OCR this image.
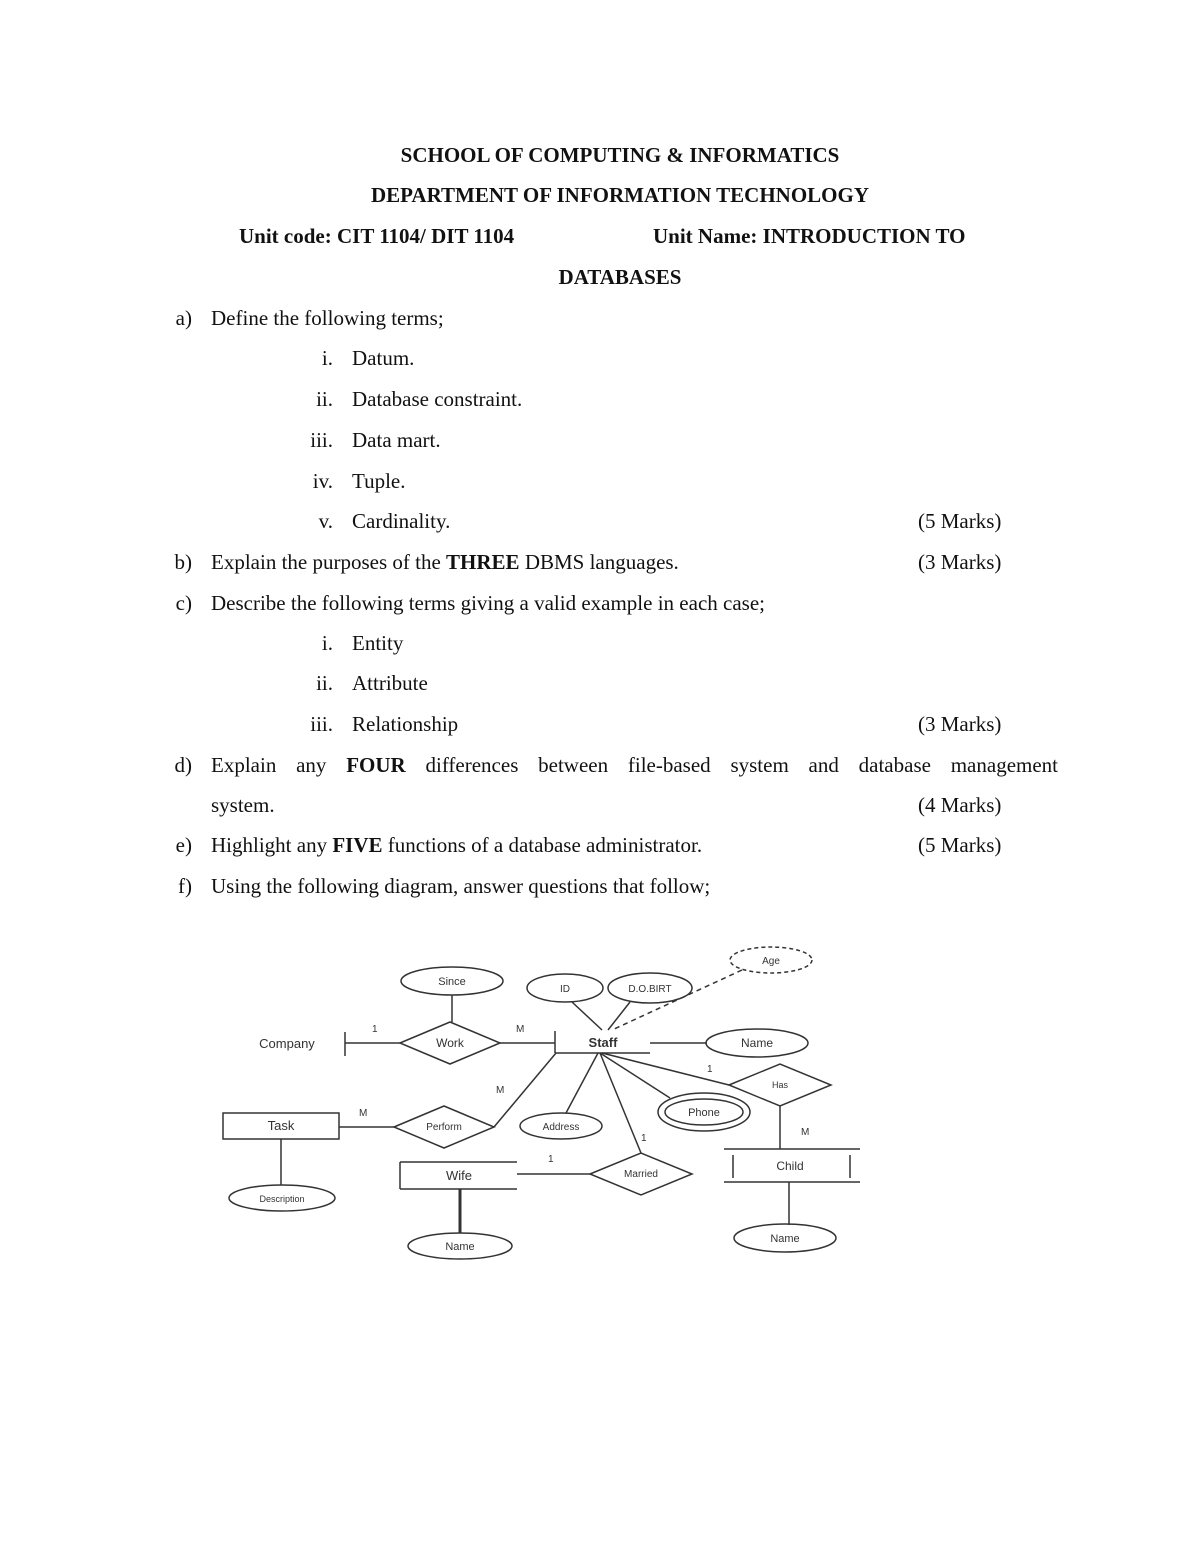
SCHOOL OF COMPUTING & INFORMATICS
DEPARTMENT OF INFORMATION TECHNOLOGY
Unit code: CIT 1104/ DIT 1104	Unit Name: INTRODUCTION TO
DATABASES
a) Define the following terms;
i. Datum.
ii. Database constraint.
iii. Data mart.
iv. Tuple.
v. Cardinality.	(5 Marks)
b) Explain the purposes of the THREE DBMS languages.	(3 Marks)
c) Describe the following terms giving a valid example in each case;
i. Entity
ii. Attribute
iii. Relationship	(3 Marks)
d) Explain any FOUR differences between file-based system and database management
system.	(4 Marks)
e) Highlight any FIVE functions of a database administrator.	(5 Marks)
f) Using the following diagram, answer questions that follow;
Company	Staff
Task
Wife
Child
Work
Perform
Married
Has
Since
ID	D.O.BIRT
Age
Name
Address
Phone
Description
Name
Name
1	M
M
M
1
M
1
1
